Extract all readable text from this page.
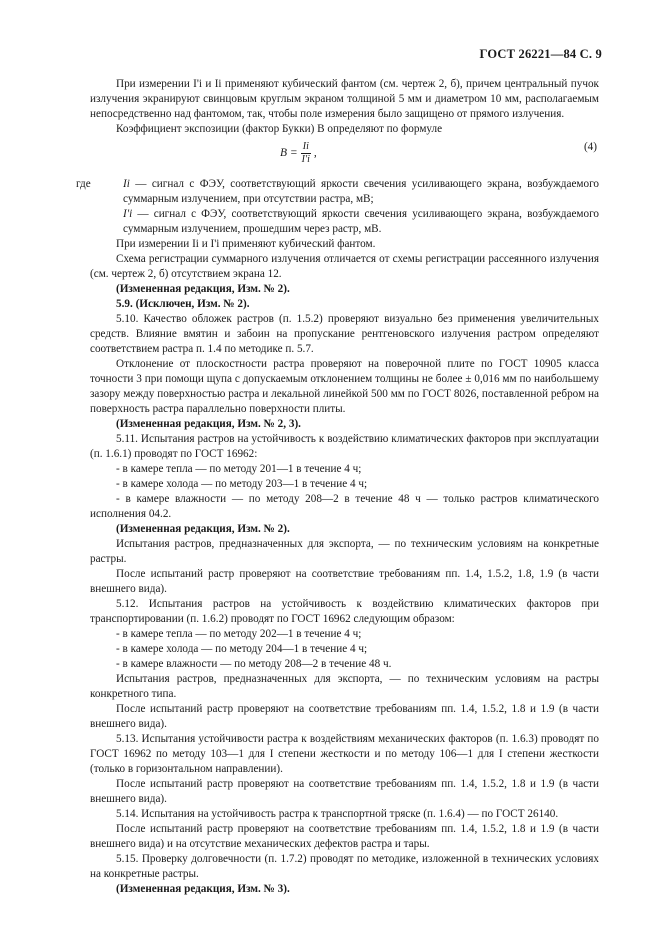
ГОСТ 26221—84 С. 9

При измерении I'i и Ii применяют кубический фантом (см. чертеж 2, б), причем центральный пучок излучения экранируют свинцовым круглым экраном толщиной 5 мм и диаметром 10 мм, располагаемым непосредственно над фантомом, так, чтобы поле измерения было защищено от прямого излучения.

Коэффициент экспозиции (фактор Букки) B определяют по формуле

$B = \frac{Ii}{I'i}$ ,	(4)

где	Ii — сигнал с ФЭУ, соответствующий яркости свечения усиливающего экрана, возбуждаемого суммарным излучением, при отсутствии растра, мВ;

I'i — сигнал с ФЭУ, соответствующий яркости свечения усиливающего экрана, возбуждаемого суммарным излучением, прошедшим через растр, мВ.

При измерении Ii и I'i применяют кубический фантом.

Схема регистрации суммарного излучения отличается от схемы регистрации рассеянного излучения (см. чертеж 2, б) отсутствием экрана 12.

(Измененная редакция, Изм. № 2).

5.9. (Исключен, Изм. № 2).

5.10. Качество обложек растров (п. 1.5.2) проверяют визуально без применения увеличительных средств. Влияние вмятин и забоин на пропускание рентгеновского излучения растром определяют соответствием растра п. 1.4 по методике п. 5.7.

Отклонение от плоскостности растра проверяют на поверочной плите по ГОСТ 10905 класса точности 3 при помощи щупа с допускаемым отклонением толщины не более ± 0,016 мм по наибольшему зазору между поверхностью растра и лекальной линейкой 500 мм по ГОСТ 8026, поставленной ребром на поверхность растра параллельно поверхности плиты.

(Измененная редакция, Изм. № 2, 3).

5.11. Испытания растров на устойчивость к воздействию климатических факторов при эксплуатации (п. 1.6.1) проводят по ГОСТ 16962:

- в камере тепла — по методу 201—1 в течение 4 ч;

- в камере холода — по методу 203—1 в течение 4 ч;

- в камере влажности — по методу 208—2 в течение 48 ч — только растров климатического исполнения 04.2.

(Измененная редакция, Изм. № 2).

Испытания растров, предназначенных для экспорта, — по техническим условиям на конкретные растры.

После испытаний растр проверяют на соответствие требованиям пп. 1.4, 1.5.2, 1.8, 1.9 (в части внешнего вида).

5.12. Испытания растров на устойчивость к воздействию климатических факторов при транспортировании (п. 1.6.2) проводят по ГОСТ 16962 следующим образом:

- в камере тепла — по методу 202—1 в течение 4 ч;

- в камере холода — по методу 204—1 в течение 4 ч;

- в камере влажности — по методу 208—2 в течение 48 ч.

Испытания растров, предназначенных для экспорта, — по техническим условиям на растры конкретного типа.

После испытаний растр проверяют на соответствие требованиям пп. 1.4, 1.5.2, 1.8 и 1.9 (в части внешнего вида).

5.13. Испытания устойчивости растра к воздействиям механических факторов (п. 1.6.3) проводят по ГОСТ 16962 по методу 103—1 для I степени жесткости и по методу 106—1 для I степени жесткости (только в горизонтальном направлении).

После испытаний растр проверяют на соответствие требованиям пп. 1.4, 1.5.2, 1.8 и 1.9 (в части внешнего вида).

5.14. Испытания на устойчивость растра к транспортной тряске (п. 1.6.4) — по ГОСТ 26140.

После испытаний растр проверяют на соответствие требованиям пп. 1.4, 1.5.2, 1.8 и 1.9 (в части внешнего вида) и на отсутствие механических дефектов растра и тары.

5.15. Проверку долговечности (п. 1.7.2) проводят по методике, изложенной в технических условиях на конкретные растры.

(Измененная редакция, Изм. № 3).
